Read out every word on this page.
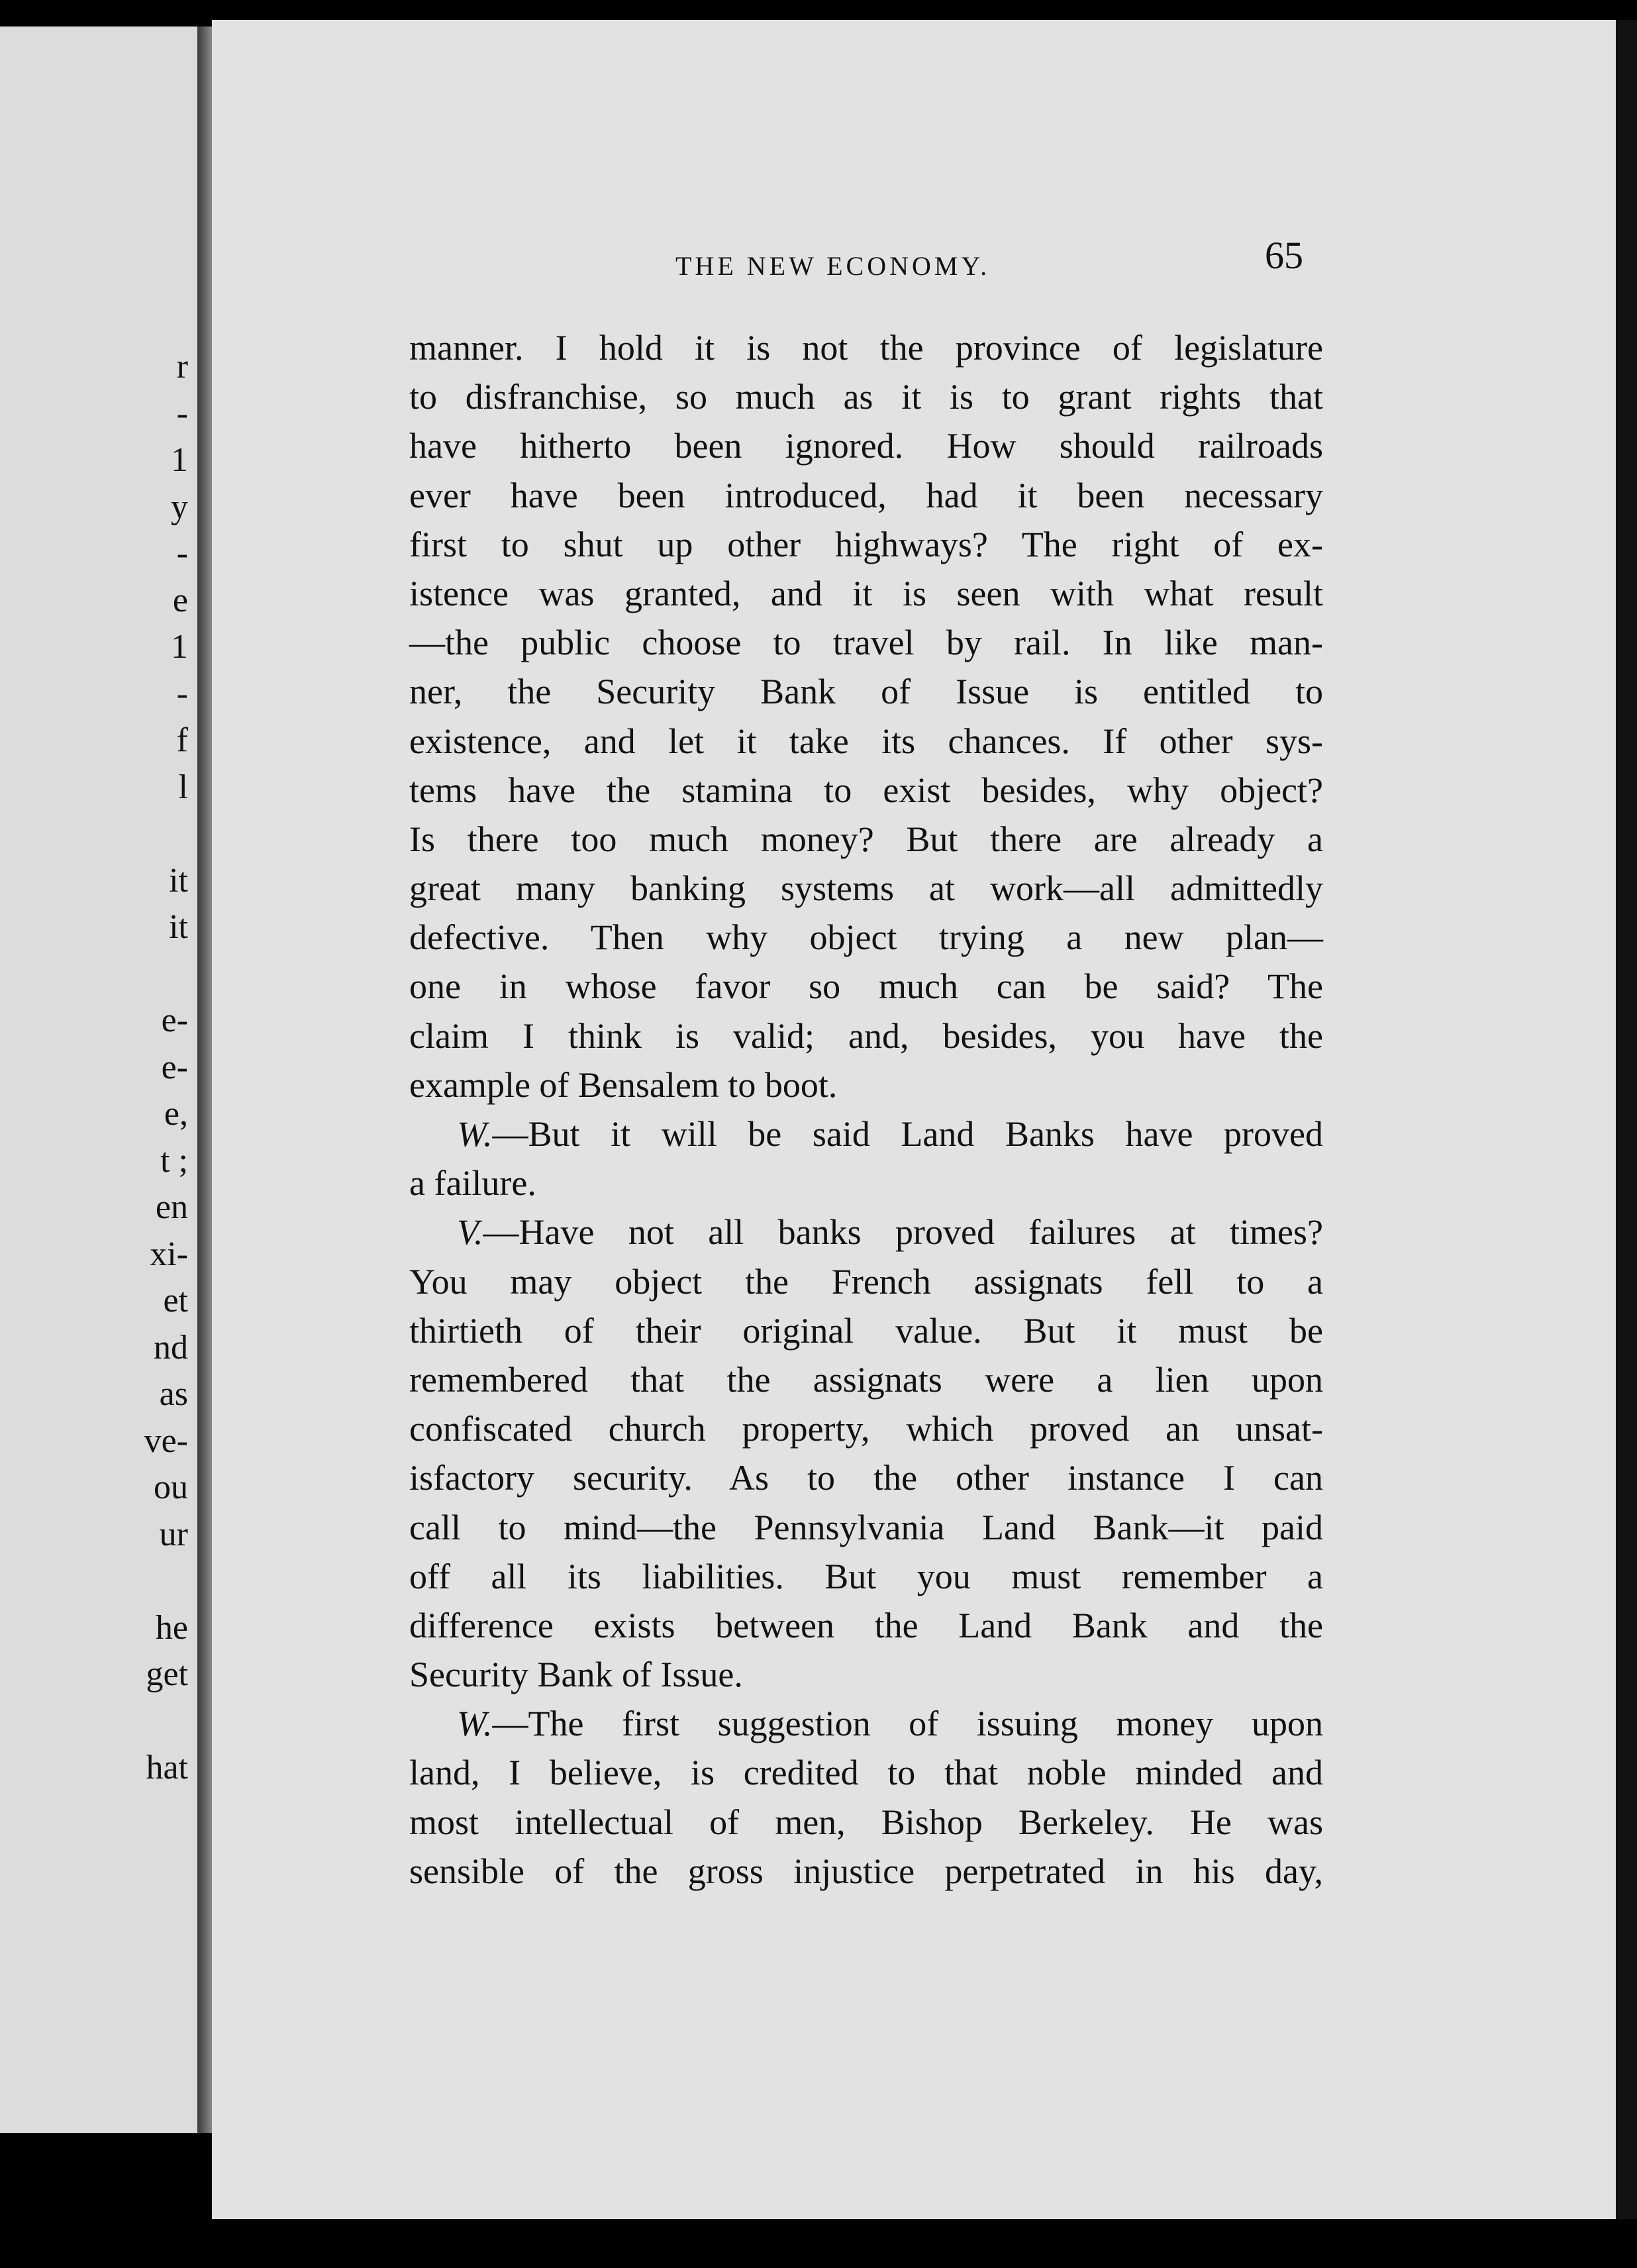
r
-
1
y
-
e
1
-
f
l
it
it
e-
e-
e,
t ;
en
xi-
et
nd
as
ve-
ou
ur
he
get
hat
THE NEW ECONOMY.	65
manner. I hold it is not the province of legislature
to disfranchise, so much as it is to grant rights that
have hitherto been ignored. How should railroads
ever have been introduced, had it been necessary
first to shut up other highways? The right of ex-
istence was granted, and it is seen with what result
—the public choose to travel by rail. In like man-
ner, the Security Bank of Issue is entitled to
existence, and let it take its chances. If other sys-
tems have the stamina to exist besides, why object?
Is there too much money? But there are already a
great many banking systems at work—all admittedly
defective. Then why object trying a new plan—
one in whose favor so much can be said? The
claim I think is valid; and, besides, you have the
example of Bensalem to boot.
W.—But it will be said Land Banks have proved
a failure.
V.—Have not all banks proved failures at times?
You may object the French assignats fell to a
thirtieth of their original value. But it must be
remembered that the assignats were a lien upon
confiscated church property, which proved an unsat-
isfactory security. As to the other instance I can
call to mind—the Pennsylvania Land Bank—it paid
off all its liabilities. But you must remember a
difference exists between the Land Bank and the
Security Bank of Issue.
W.—The first suggestion of issuing money upon
land, I believe, is credited to that noble minded and
most intellectual of men, Bishop Berkeley. He was
sensible of the gross injustice perpetrated in his day,
